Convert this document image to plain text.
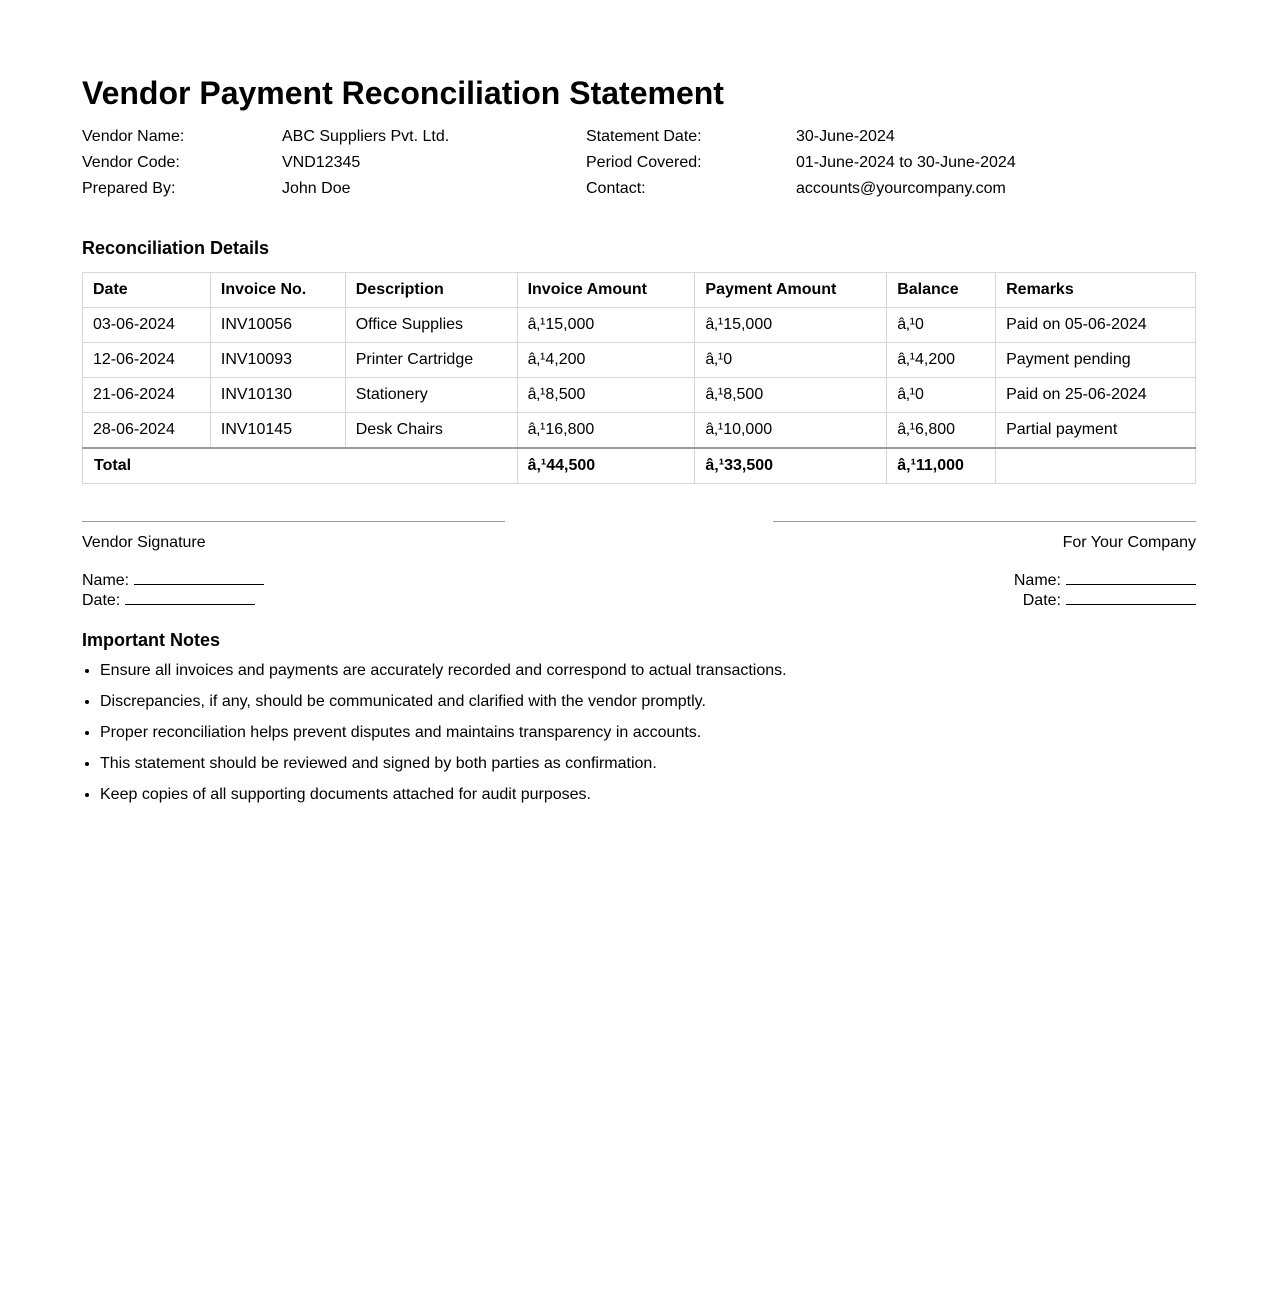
Vendor Payment Reconciliation Statement
Vendor Name:	ABC Suppliers Pvt. Ltd.	Statement Date:	30-June-2024
Vendor Code:	VND12345	Period Covered:	01-June-2024 to 30-June-2024
Prepared By:	John Doe	Contact:	accounts@yourcompany.com
Reconciliation Details
Date	Invoice No.	Description	Invoice Amount	Payment Amount	Balance	Remarks
03-06-2024	INV10056	Office Supplies	â‚¹15,000	â‚¹15,000	â‚¹0	Paid on 05-06-2024
12-06-2024	INV10093	Printer Cartridge	â‚¹4,200	â‚¹0	â‚¹4,200	Payment pending
21-06-2024	INV10130	Stationery	â‚¹8,500	â‚¹8,500	â‚¹0	Paid on 25-06-2024
28-06-2024	INV10145	Desk Chairs	â‚¹16,800	â‚¹10,000	â‚¹6,800	Partial payment
Total			â‚¹44,500	â‚¹33,500	â‚¹11,000	
Vendor Signature	For Your Company
Name:
Date:
Name:
Date:
Important Notes
• Ensure all invoices and payments are accurately recorded and correspond to actual transactions.
• Discrepancies, if any, should be communicated and clarified with the vendor promptly.
• Proper reconciliation helps prevent disputes and maintains transparency in accounts.
• This statement should be reviewed and signed by both parties as confirmation.
• Keep copies of all supporting documents attached for audit purposes.
